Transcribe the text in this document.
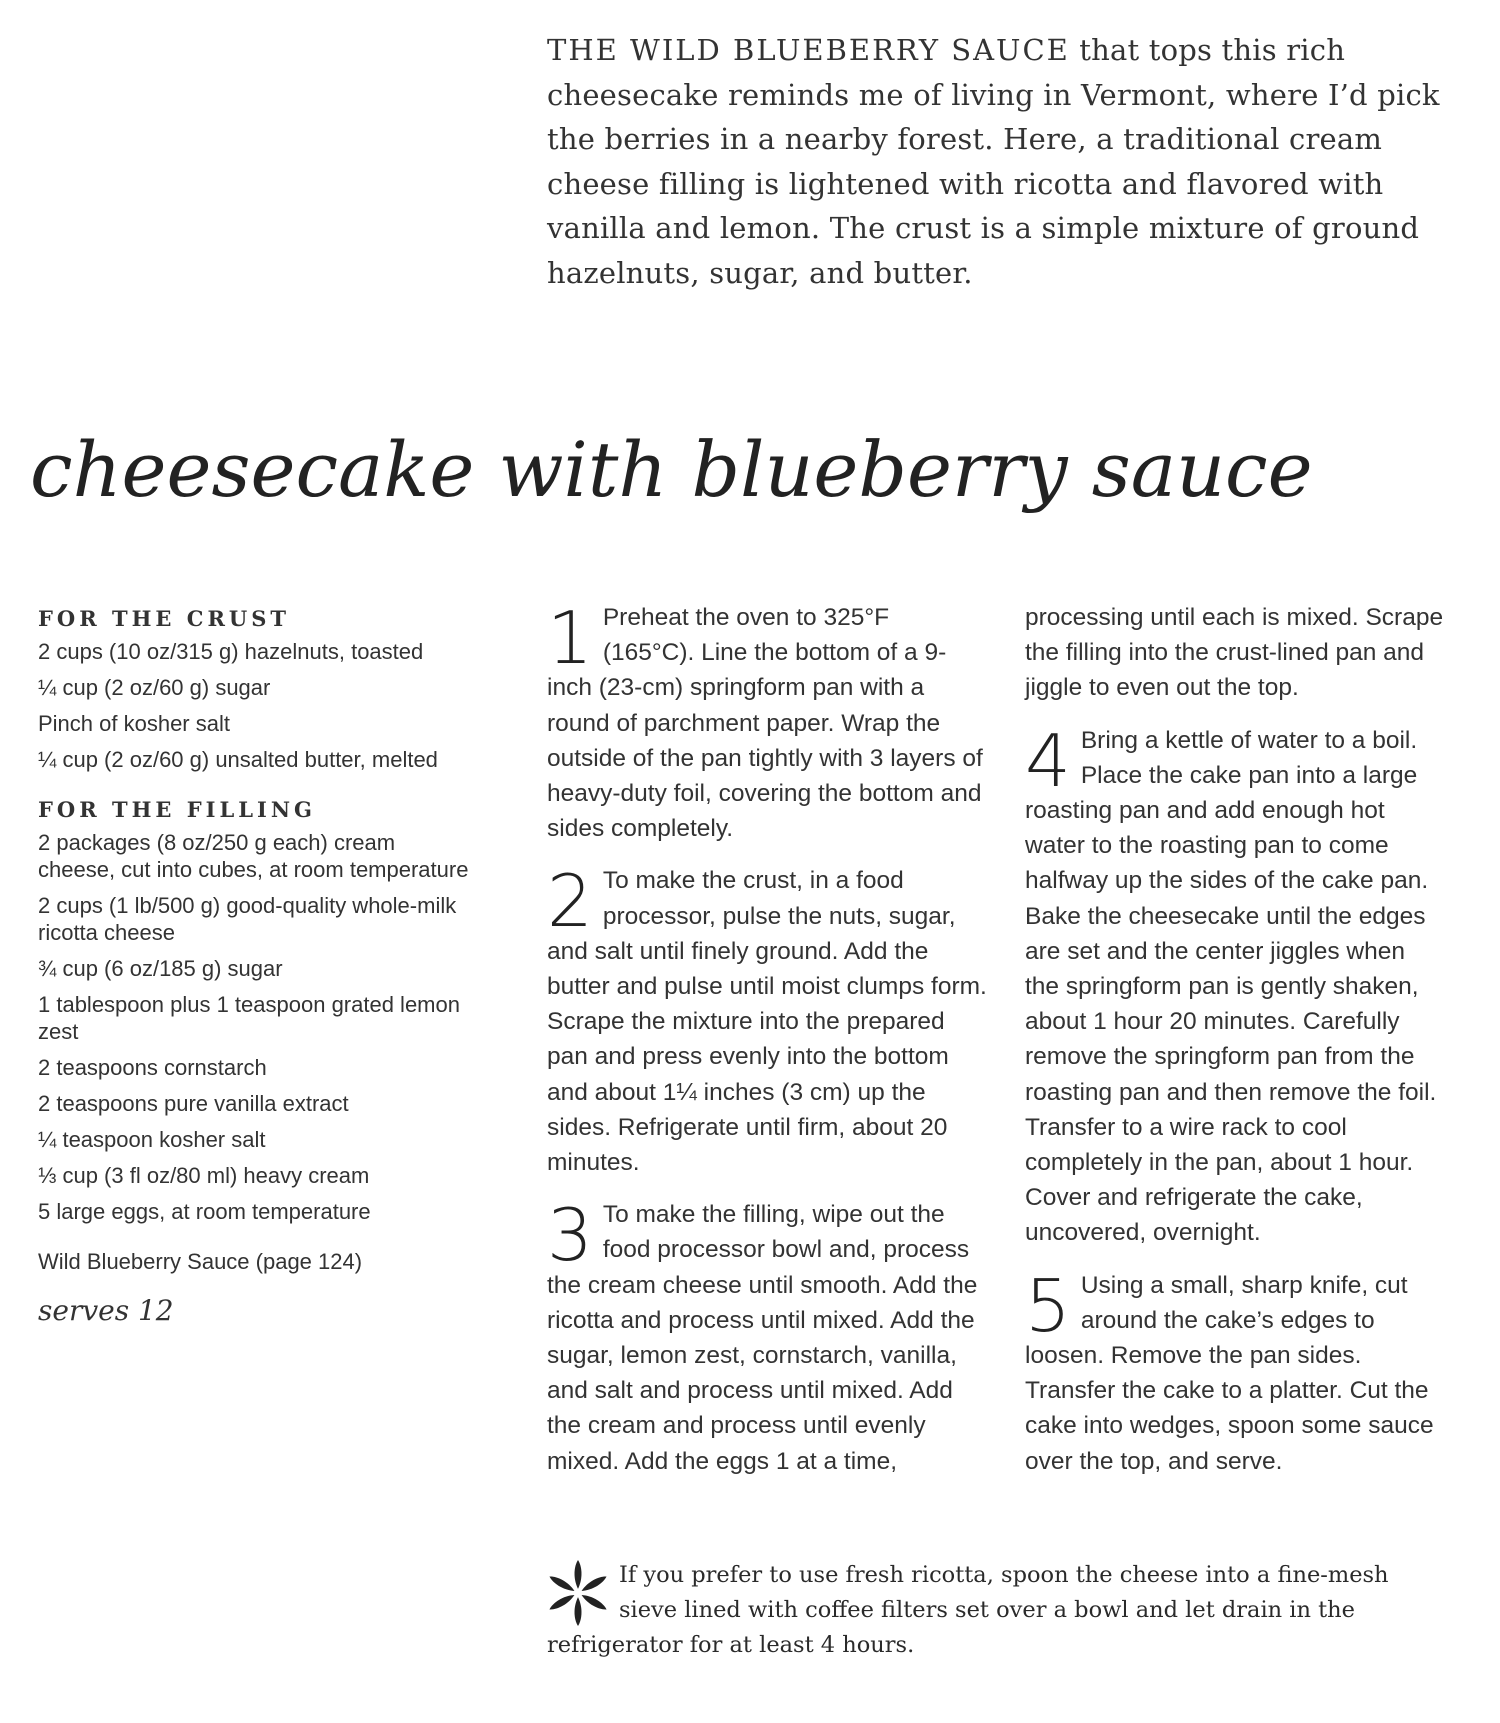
THE WILD BLUEBERRY SAUCE that tops this rich cheesecake reminds me of living in Vermont, where I’d pick the berries in a nearby forest. Here, a traditional cream cheese filling is lightened with ricotta and flavored with vanilla and lemon. The crust is a simple mixture of ground hazelnuts, sugar, and butter.
cheesecake with blueberry sauce
FOR THE CRUST
2 cups (10 oz/315 g) hazelnuts, toasted
¼ cup (2 oz/60 g) sugar
Pinch of kosher salt
¼ cup (2 oz/60 g) unsalted butter, melted
FOR THE FILLING
2 packages (8 oz/250 g each) cream cheese, cut into cubes, at room temperature
2 cups (1 lb/500 g) good-quality whole-milk ricotta cheese
¾ cup (6 oz/185 g) sugar
1 tablespoon plus 1 teaspoon grated lemon zest
2 teaspoons cornstarch
2 teaspoons pure vanilla extract
¼ teaspoon kosher salt
⅓ cup (3 fl oz/80 ml) heavy cream
5 large eggs, at room temperature
Wild Blueberry Sauce (page 124)
serves 12
1 Preheat the oven to 325°F (165°C). Line the bottom of a 9-inch (23-cm) springform pan with a round of parchment paper. Wrap the outside of the pan tightly with 3 layers of heavy-duty foil, covering the bottom and sides completely.
2 To make the crust, in a food processor, pulse the nuts, sugar, and salt until finely ground. Add the butter and pulse until moist clumps form. Scrape the mixture into the prepared pan and press evenly into the bottom and about 1¼ inches (3 cm) up the sides. Refrigerate until firm, about 20 minutes.
3 To make the filling, wipe out the food processor bowl and, process the cream cheese until smooth. Add the ricotta and process until mixed. Add the sugar, lemon zest, cornstarch, vanilla, and salt and process until mixed. Add the cream and process until evenly mixed. Add the eggs 1 at a time,
processing until each is mixed. Scrape the filling into the crust-lined pan and jiggle to even out the top.
4 Bring a kettle of water to a boil. Place the cake pan into a large roasting pan and add enough hot water to the roasting pan to come halfway up the sides of the cake pan. Bake the cheesecake until the edges are set and the center jiggles when the springform pan is gently shaken, about 1 hour 20 minutes. Carefully remove the springform pan from the roasting pan and then remove the foil. Transfer to a wire rack to cool completely in the pan, about 1 hour. Cover and refrigerate the cake, uncovered, overnight.
5 Using a small, sharp knife, cut around the cake’s edges to loosen. Remove the pan sides. Transfer the cake to a platter. Cut the cake into wedges, spoon some sauce over the top, and serve.
If you prefer to use fresh ricotta, spoon the cheese into a fine-mesh sieve lined with coffee filters set over a bowl and let drain in the refrigerator for at least 4 hours.
